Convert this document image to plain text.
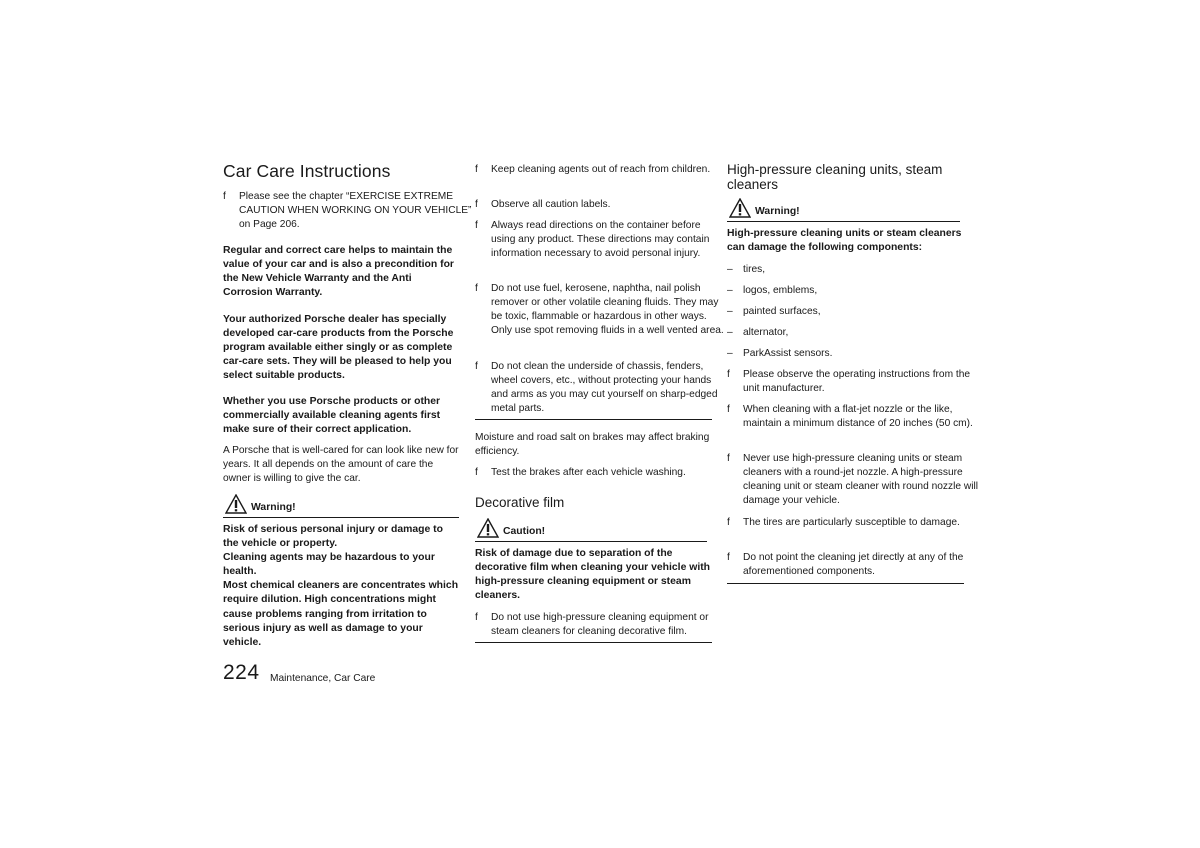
Car Care Instructions
f Please see the chapter “EXERCISE EXTREME CAUTION WHEN WORKING ON YOUR VEHICLE” on Page 206.
Regular and correct care helps to maintain the value of your car and is also a precondition for the New Vehicle Warranty and the Anti Corrosion Warranty.
Your authorized Porsche dealer has specially developed car-care products from the Porsche program available either singly or as complete car-care sets. They will be pleased to help you select suitable products.
Whether you use Porsche products or other commercially available cleaning agents first make sure of their correct application.
A Porsche that is well-cared for can look like new for years. It all depends on the amount of care the owner is willing to give the car.
Warning!
Risk of serious personal injury or damage to the vehicle or property.
Cleaning agents may be hazardous to your health.
Most chemical cleaners are concentrates which require dilution. High concentrations might cause problems ranging from irritation to serious injury as well as damage to your vehicle.
f Keep cleaning agents out of reach from children.
f Observe all caution labels.
f Always read directions on the container before using any product. These directions may contain information necessary to avoid personal injury.
f Do not use fuel, kerosene, naphtha, nail polish remover or other volatile cleaning fluids. They may be toxic, flammable or hazardous in other ways. Only use spot removing fluids in a well vented area.
f Do not clean the underside of chassis, fenders, wheel covers, etc., without protecting your hands and arms as you may cut yourself on sharp-edged metal parts.
Moisture and road salt on brakes may affect braking efficiency.
f Test the brakes after each vehicle washing.
Decorative film
Caution!
Risk of damage due to separation of the decorative film when cleaning your vehicle with high-pressure cleaning equipment or steam cleaners.
f Do not use high-pressure cleaning equipment or steam cleaners for cleaning decorative film.
High-pressure cleaning units, steam cleaners
Warning!
High-pressure cleaning units or steam cleaners can damage the following components:
– tires,
– logos, emblems,
– painted surfaces,
– alternator,
– ParkAssist sensors.
f Please observe the operating instructions from the unit manufacturer.
f When cleaning with a flat-jet nozzle or the like, maintain a minimum distance of 20 inches (50 cm).
f Never use high-pressure cleaning units or steam cleaners with a round-jet nozzle. A high-pressure cleaning unit or steam cleaner with round nozzle will damage your vehicle.
f The tires are particularly susceptible to damage.
f Do not point the cleaning jet directly at any of the aforementioned components.
224 Maintenance, Car Care
